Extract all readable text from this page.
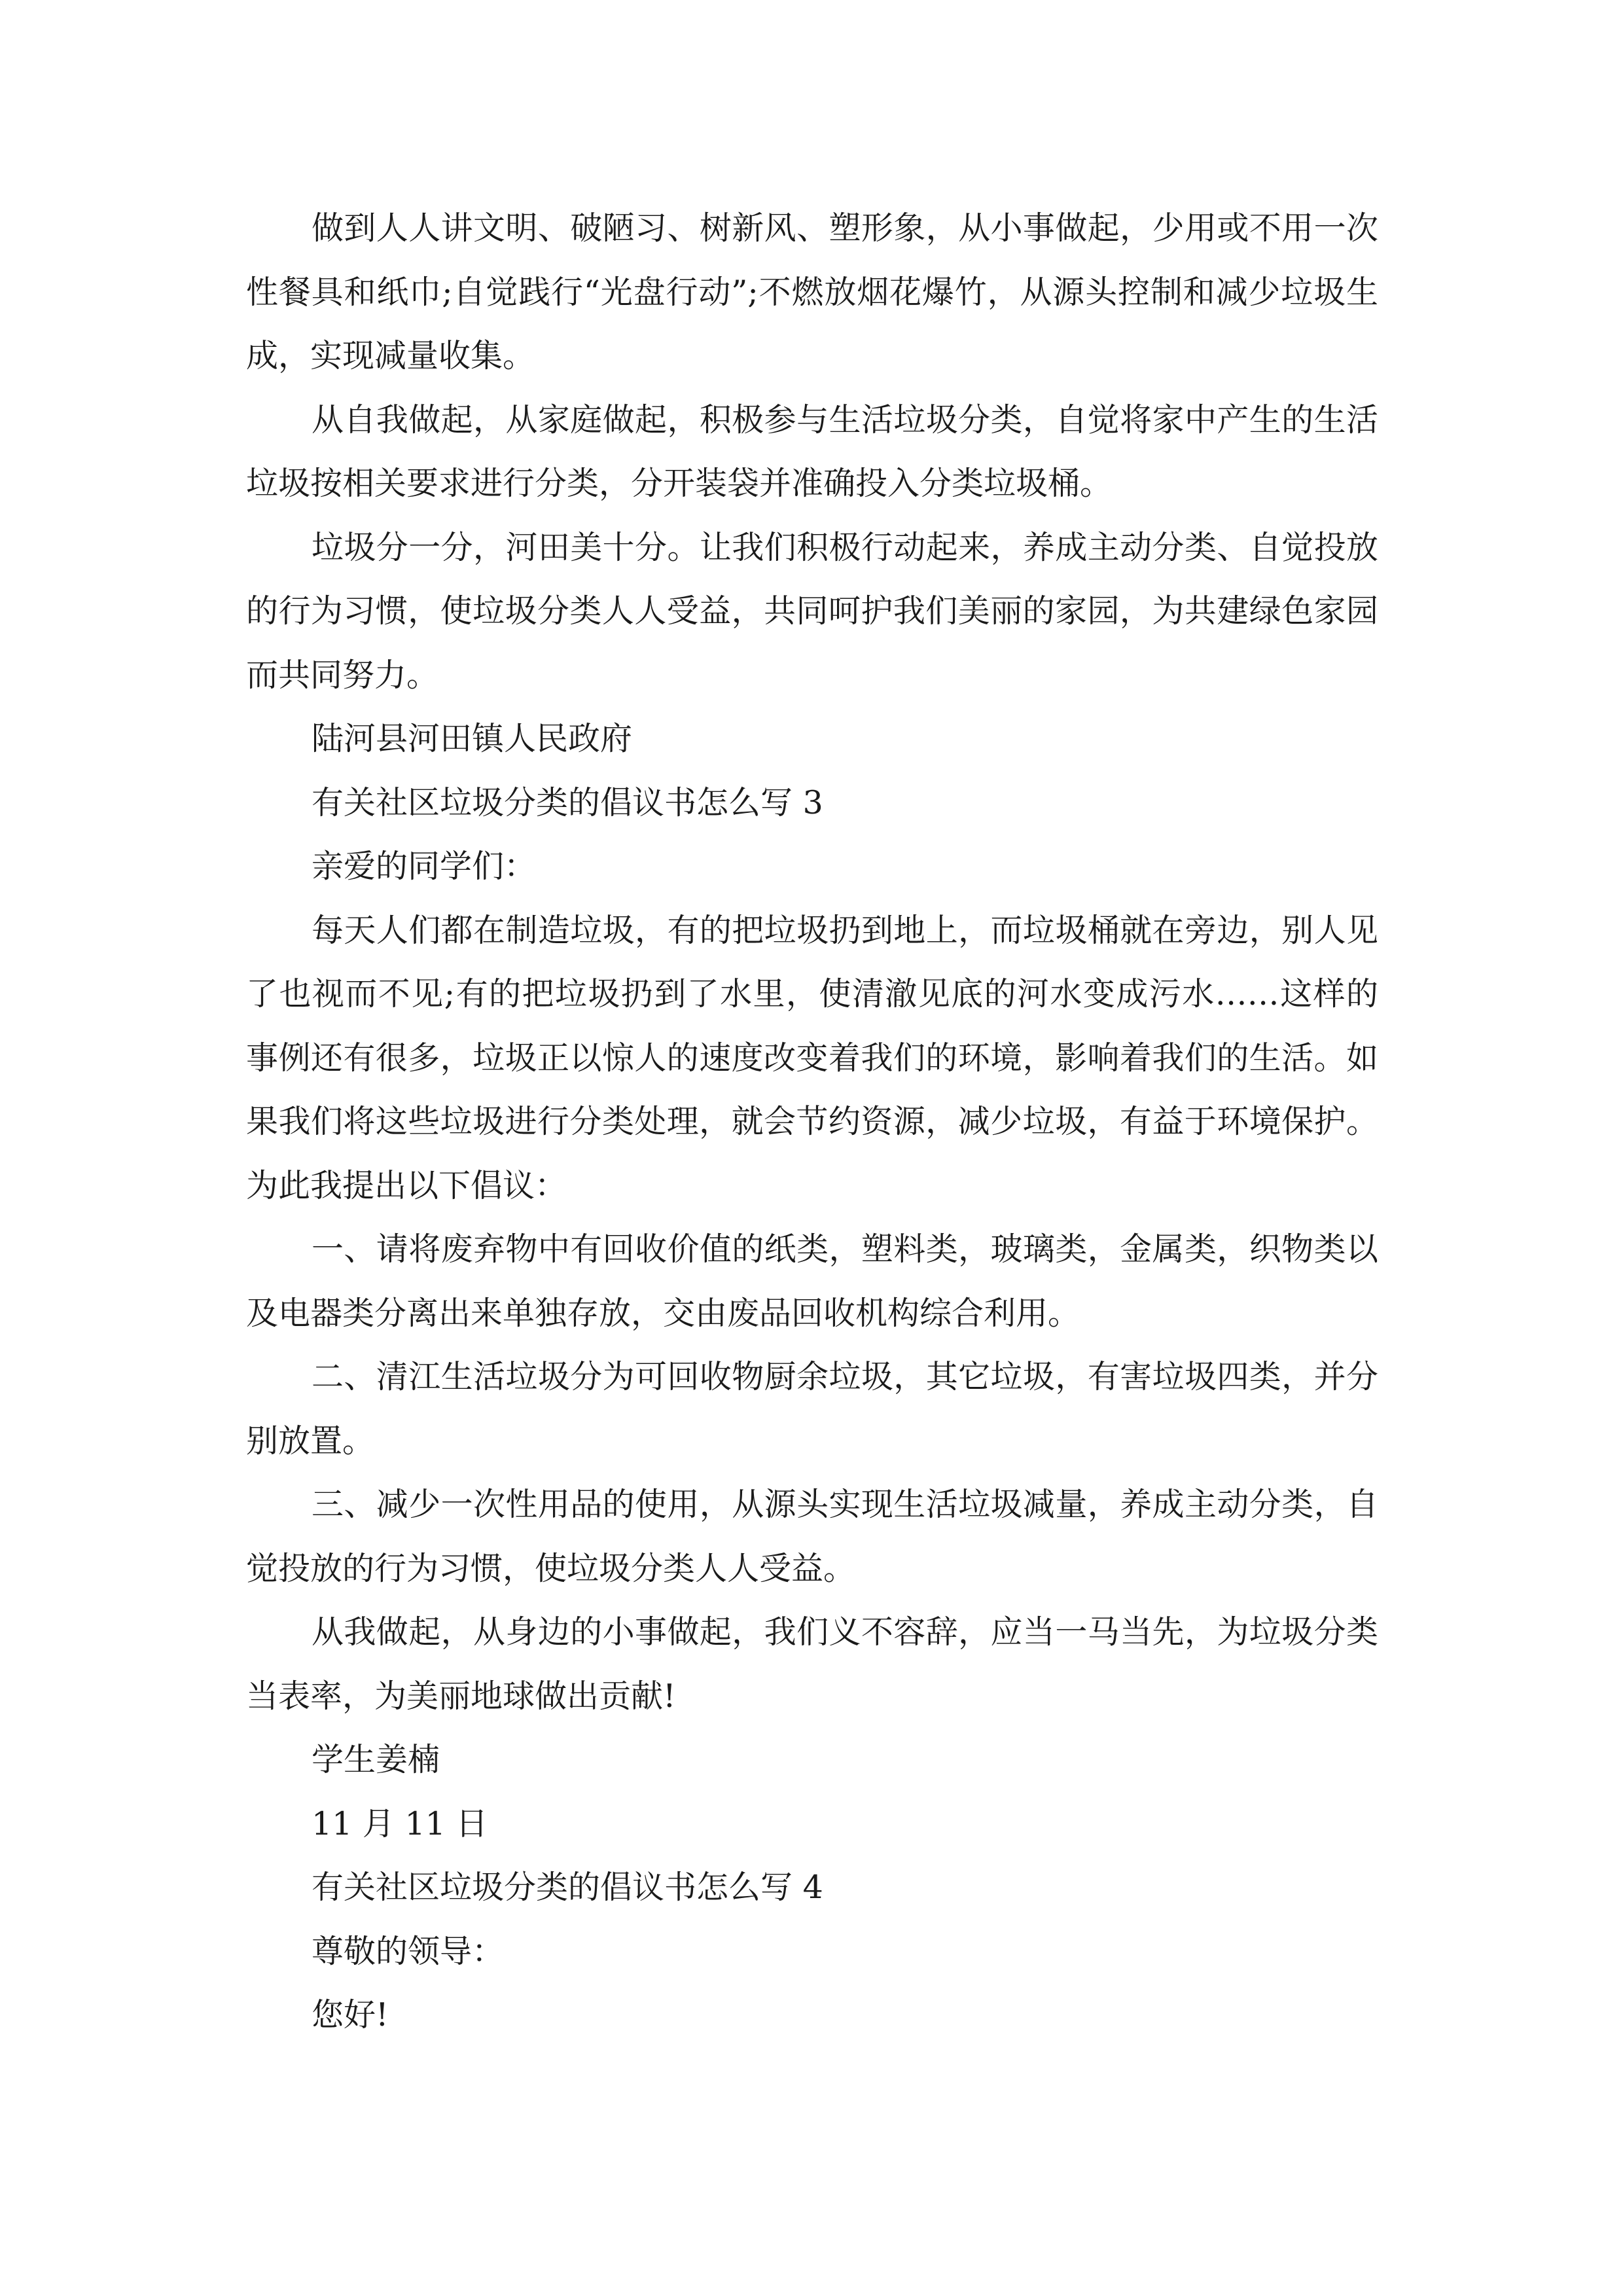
做到人人讲文明、破陋习、树新风、塑形象，从小事做起，少用或不用一次性餐具和纸巾;自觉践行“光盘行动”;不燃放烟花爆竹，从源头控制和减少垃圾生成，实现减量收集。

从自我做起，从家庭做起，积极参与生活垃圾分类，自觉将家中产生的生活垃圾按相关要求进行分类，分开装袋并准确投入分类垃圾桶。

垃圾分一分，河田美十分。让我们积极行动起来，养成主动分类、自觉投放的行为习惯，使垃圾分类人人受益，共同呵护我们美丽的家园，为共建绿色家园而共同努力。

陆河县河田镇人民政府

有关社区垃圾分类的倡议书怎么写 3

亲爱的同学们：

每天人们都在制造垃圾，有的把垃圾扔到地上，而垃圾桶就在旁边，别人见了也视而不见;有的把垃圾扔到了水里，使清澈见底的河水变成污水……这样的事例还有很多，垃圾正以惊人的速度改变着我们的环境，影响着我们的生活。如果我们将这些垃圾进行分类处理，就会节约资源，减少垃圾，有益于环境保护。为此我提出以下倡议：

一、请将废弃物中有回收价值的纸类，塑料类，玻璃类，金属类，织物类以及电器类分离出来单独存放，交由废品回收机构综合利用。

二、清江生活垃圾分为可回收物厨余垃圾，其它垃圾，有害垃圾四类，并分别放置。

三、减少一次性用品的使用，从源头实现生活垃圾减量，养成主动分类，自觉投放的行为习惯，使垃圾分类人人受益。

从我做起，从身边的小事做起，我们义不容辞，应当一马当先，为垃圾分类当表率，为美丽地球做出贡献!

学生姜楠

11 月 11 日

有关社区垃圾分类的倡议书怎么写 4

尊敬的领导：

您好!
